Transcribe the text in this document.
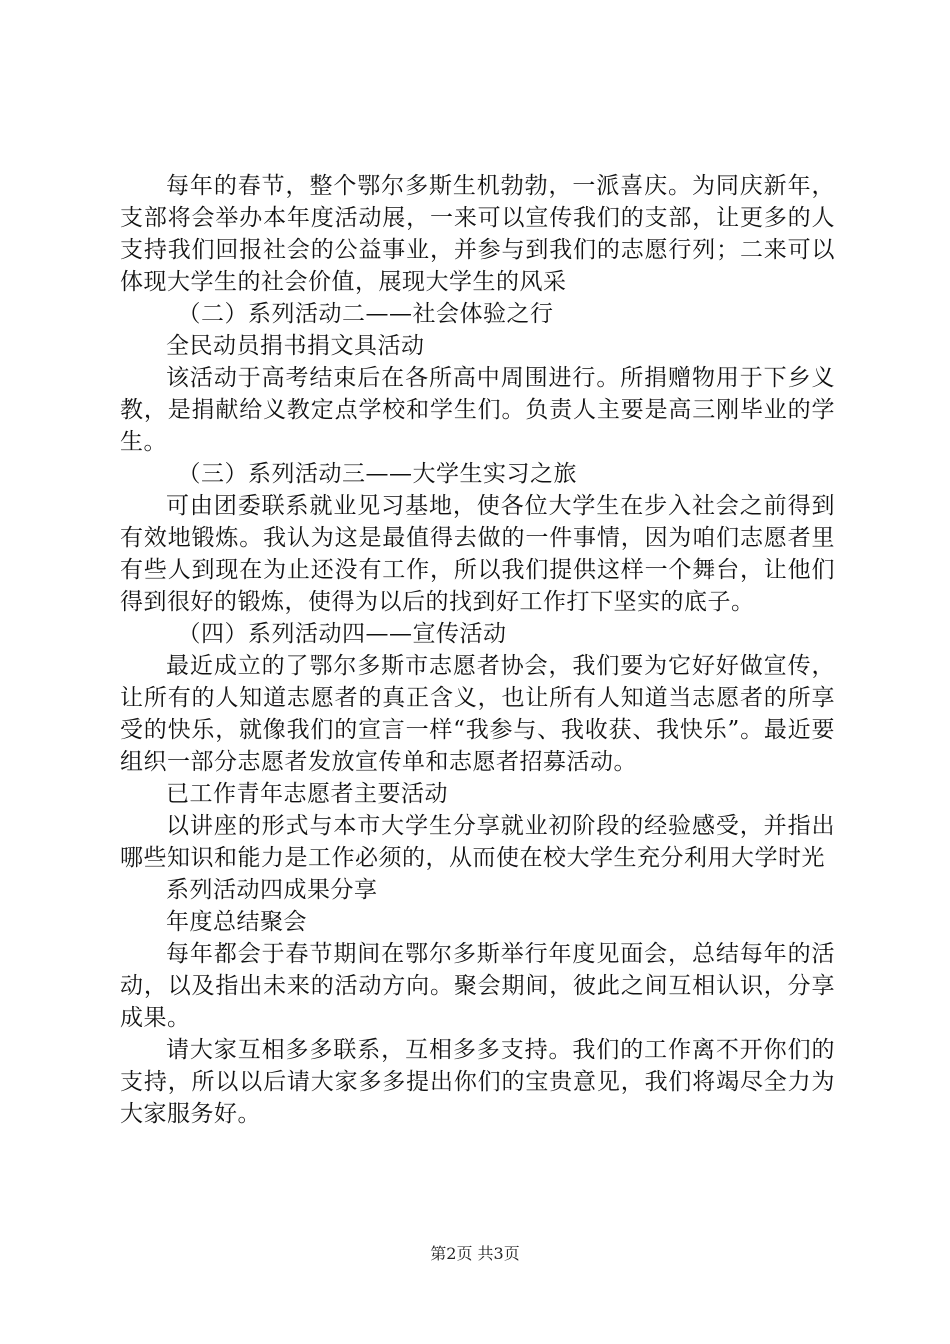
每年的春节，整个鄂尔多斯生机勃勃，一派喜庆。为同庆新年，支部将会举办本年度活动展，一来可以宣传我们的支部，让更多的人支持我们回报社会的公益事业，并参与到我们的志愿行列；二来可以体现大学生的社会价值，展现大学生的风采

（二）系列活动二——社会体验之行

全民动员捐书捐文具活动

该活动于高考结束后在各所高中周围进行。所捐赠物用于下乡义教，是捐献给义教定点学校和学生们。负责人主要是高三刚毕业的学生。

（三）系列活动三——大学生实习之旅

可由团委联系就业见习基地，使各位大学生在步入社会之前得到有效地锻炼。我认为这是最值得去做的一件事情，因为咱们志愿者里有些人到现在为止还没有工作，所以我们提供这样一个舞台，让他们得到很好的锻炼，使得为以后的找到好工作打下坚实的底子。

（四）系列活动四——宣传活动

最近成立的了鄂尔多斯市志愿者协会，我们要为它好好做宣传，让所有的人知道志愿者的真正含义，也让所有人知道当志愿者的所享受的快乐，就像我们的宣言一样“我参与、我收获、我快乐”。最近要组织一部分志愿者发放宣传单和志愿者招募活动。

已工作青年志愿者主要活动

以讲座的形式与本市大学生分享就业初阶段的经验感受，并指出哪些知识和能力是工作必须的，从而使在校大学生充分利用大学时光

系列活动四成果分享

年度总结聚会

每年都会于春节期间在鄂尔多斯举行年度见面会，总结每年的活动，以及指出未来的活动方向。聚会期间，彼此之间互相认识，分享成果。

请大家互相多多联系，互相多多支持。我们的工作离不开你们的支持，所以以后请大家多多提出你们的宝贵意见，我们将竭尽全力为大家服务好。

第2页 共3页
